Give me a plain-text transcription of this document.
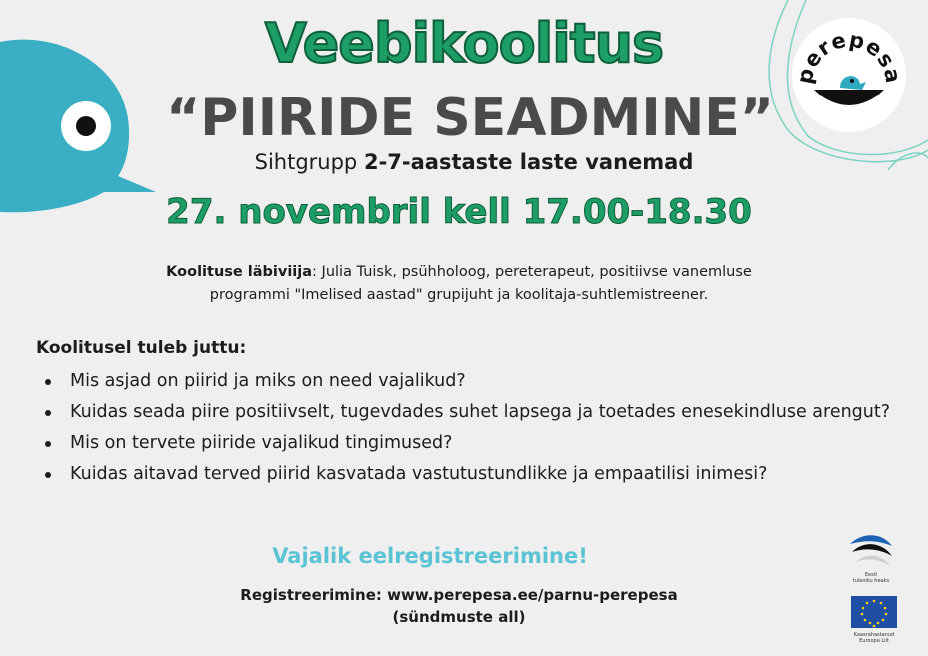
perepesa
Veebikoolitus
“PIIRIDE SEADMINE”
Sihtgrupp 2-7-aastaste laste vanemad
27. novembril kell 17.00-18.30
Koolituse läbiviija: Julia Tuisk, psühholoog, pereterapeut, positiivse vanemluse
programmi "Imelised aastad" grupijuht ja koolitaja-suhtlemistreener.
Koolitusel tuleb juttu:
Mis asjad on piirid ja miks on need vajalikud?
Kuidas seada piire positiivselt, tugevdades suhet lapsega ja toetades enesekindluse arengut?
Mis on tervete piiride vajalikud tingimused?
Kuidas aitavad terved piirid kasvatada vastutustundlikke ja empaatilisi inimesi?
Vajalik eelregistreerimine!
Registreerimine: www.perepesa.ee/parnu-perepesa
(sündmuste all)
Eesti
tuleviku heaks
Kaasrahastanud
Euroopa Liit
